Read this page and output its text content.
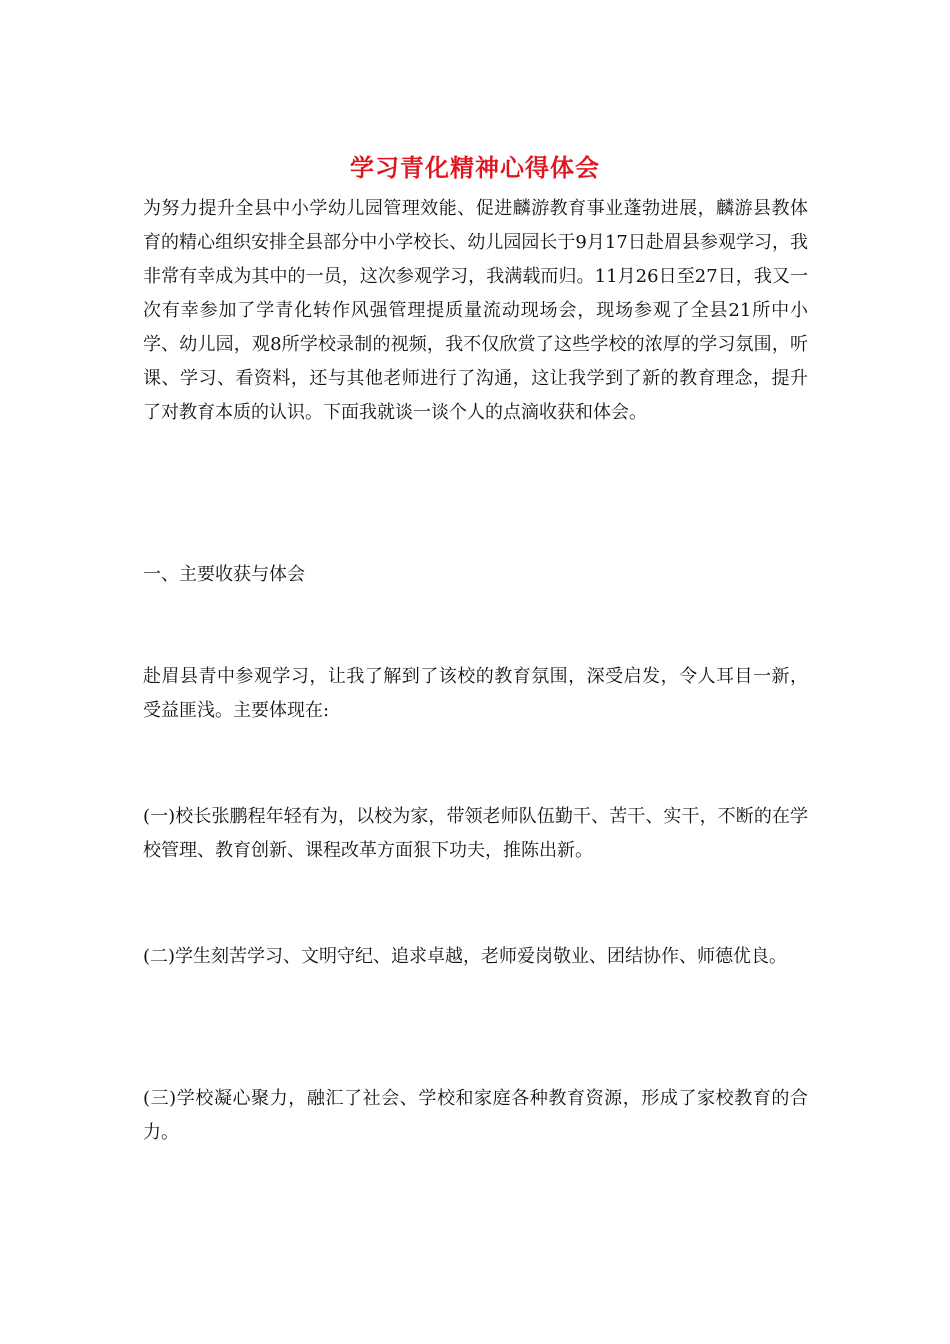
学习青化精神心得体会
为努力提升全县中小学幼儿园管理效能、促进麟游教育事业蓬勃进展，麟游县教体育的精心组织安排全县部分中小学校长、幼儿园园长于9月17日赴眉县参观学习，我非常有幸成为其中的一员，这次参观学习，我满载而归。11月26日至27日，我又一次有幸参加了学青化转作风强管理提质量流动现场会，现场参观了全县21所中小学、幼儿园，观8所学校录制的视频，我不仅欣赏了这些学校的浓厚的学习氛围，听课、学习、看资料，还与其他老师进行了沟通，这让我学到了新的教育理念，提升了对教育本质的认识。下面我就谈一谈个人的点滴收获和体会。
一、主要收获与体会
赴眉县青中参观学习，让我了解到了该校的教育氛围，深受启发，令人耳目一新，受益匪浅。主要体现在:
(一)校长张鹏程年轻有为，以校为家，带领老师队伍勤干、苦干、实干，不断的在学校管理、教育创新、课程改革方面狠下功夫，推陈出新。
(二)学生刻苦学习、文明守纪、追求卓越，老师爱岗敬业、团结协作、师德优良。
(三)学校凝心聚力，融汇了社会、学校和家庭各种教育资源，形成了家校教育的合力。
